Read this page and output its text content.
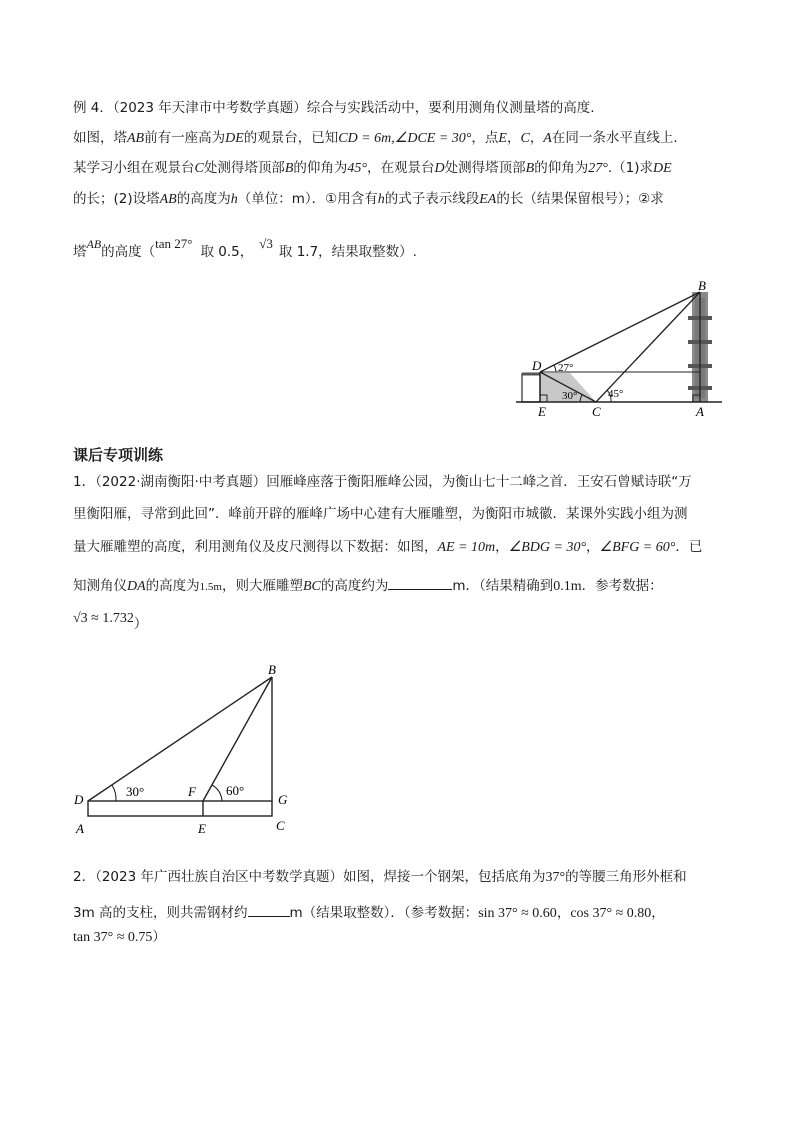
例 4．（2023 年天津市中考数学真题）综合与实践活动中，要利用测角仪测量塔的高度.
如图，塔AB前有一座高为DE的观景台，已知CD = 6m,∠DCE = 30°，点E，C，A在同一条水平直线上.
某学习小组在观景台C处测得塔顶部B的仰角为45°，在观景台D处测得塔顶部B的仰角为27°.（1)求DE
的长；(2)设塔AB的高度为h（单位：m）．①用含有h的式子表示线段EA的长（结果保留根号）；②求
塔AB的高度（tan 27°取 0.5，√3取 1.7，结果取整数）.
B
D
E	C	A
27°
30°	45°
课后专项训练
1．（2022·湖南衡阳·中考真题）回雁峰座落于衡阳雁峰公园，为衡山七十二峰之首．王安石曾赋诗联“万
里衡阳雁，寻常到此回”．峰前开辟的雁峰广场中心建有大雁雕塑，为衡阳市城徽．某课外实践小组为测
量大雁雕塑的高度，利用测角仪及皮尺测得以下数据：如图，AE = 10m，∠BDG = 30°，∠BFG = 60°．已
知测角仪DA的高度为1.5m，则大雁雕塑BC的高度约为	m．（结果精确到0.1m．参考数据：
√3 ≈ 1.732）
B
D
F
G
A	E	C
30°	60°
2．（2023 年广西壮族自治区中考数学真题）如图，焊接一个钢架，包括底角为37°的等腰三角形外框和
3m 高的支柱，则共需钢材约	m（结果取整数）．（参考数据：sin 37° ≈ 0.60，cos 37° ≈ 0.80，
tan 37° ≈ 0.75）
